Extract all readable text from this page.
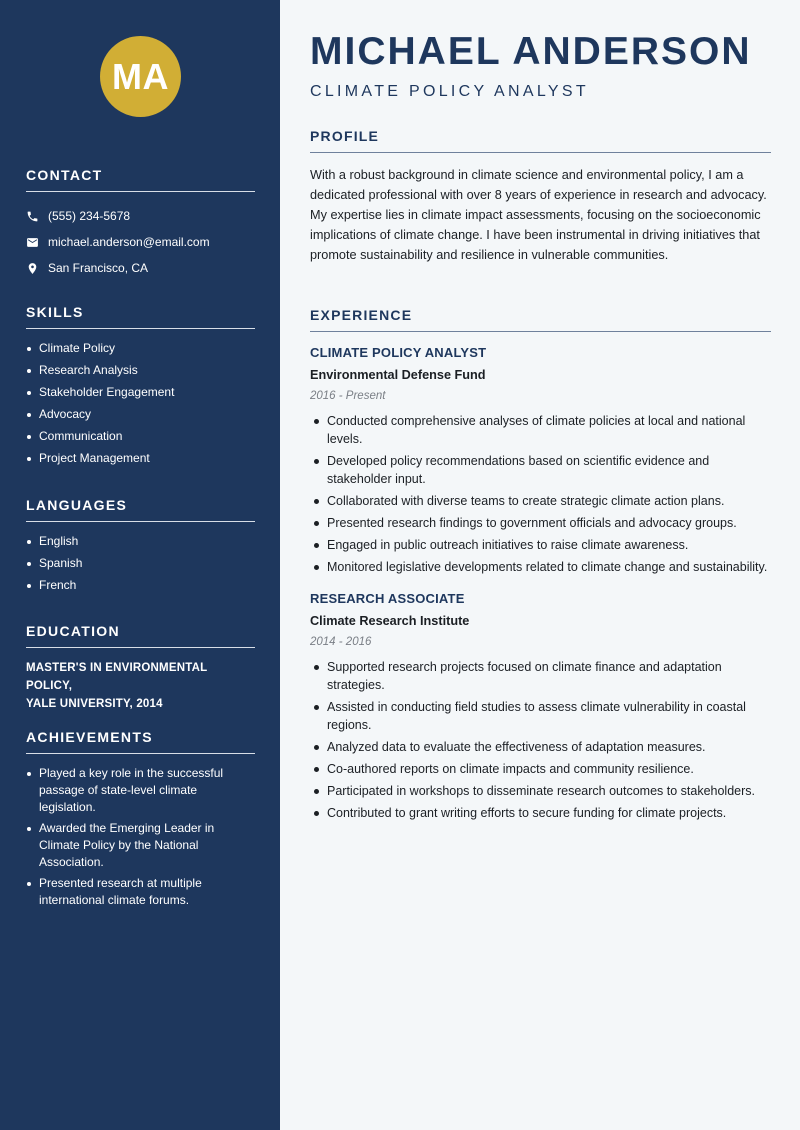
MA
CONTACT
(555) 234-5678
michael.anderson@email.com
San Francisco, CA
SKILLS
Climate Policy
Research Analysis
Stakeholder Engagement
Advocacy
Communication
Project Management
LANGUAGES
English
Spanish
French
EDUCATION
MASTER'S IN ENVIRONMENTAL POLICY,
YALE UNIVERSITY, 2014
ACHIEVEMENTS
Played a key role in the successful passage of state-level climate legislation.
Awarded the Emerging Leader in Climate Policy by the National Association.
Presented research at multiple international climate forums.
MICHAEL ANDERSON
CLIMATE POLICY ANALYST
PROFILE

With a robust background in climate science and environmental policy, I am a dedicated professional with over 8 years of experience in research and advocacy. My expertise lies in climate impact assessments, focusing on the socioeconomic implications of climate change. I have been instrumental in driving initiatives that promote sustainability and resilience in vulnerable communities.

EXPERIENCE
CLIMATE POLICY ANALYST
Environmental Defense Fund
2016 - Present
Conducted comprehensive analyses of climate policies at local and national levels.
Developed policy recommendations based on scientific evidence and stakeholder input.
Collaborated with diverse teams to create strategic climate action plans.
Presented research findings to government officials and advocacy groups.
Engaged in public outreach initiatives to raise climate awareness.
Monitored legislative developments related to climate change and sustainability.
RESEARCH ASSOCIATE
Climate Research Institute
2014 - 2016
Supported research projects focused on climate finance and adaptation strategies.
Assisted in conducting field studies to assess climate vulnerability in coastal regions.
Analyzed data to evaluate the effectiveness of adaptation measures.
Co-authored reports on climate impacts and community resilience.
Participated in workshops to disseminate research outcomes to stakeholders.
Contributed to grant writing efforts to secure funding for climate projects.
